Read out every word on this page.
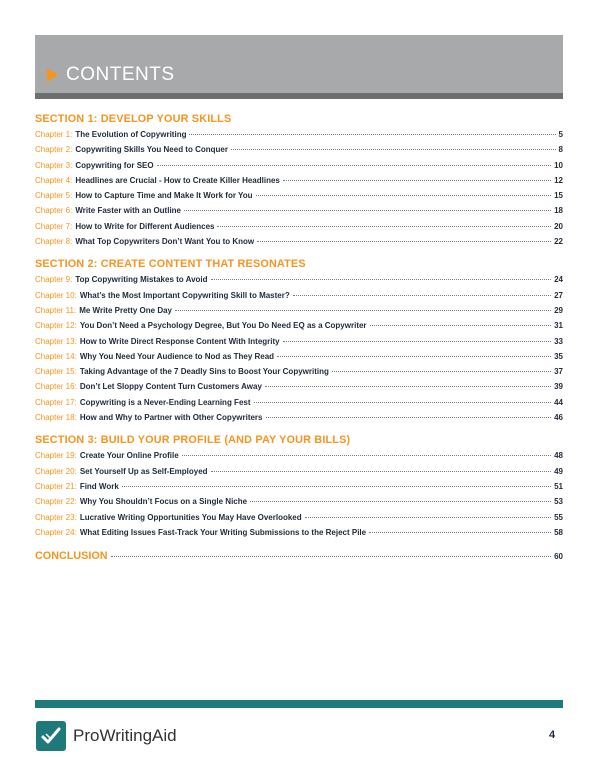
CONTENTS
SECTION 1: DEVELOP YOUR SKILLS
Chapter 1: The Evolution of Copywriting	5
Chapter 2: Copywriting Skills You Need to Conquer	8
Chapter 3: Copywriting for SEO	10
Chapter 4: Headlines are Crucial - How to Create Killer Headlines	12
Chapter 5: How to Capture Time and Make It Work for You	15
Chapter 6: Write Faster with an Outline	18
Chapter 7: How to Write for Different Audiences	20
Chapter 8: What Top Copywriters Don’t Want You to Know	22
SECTION 2: CREATE CONTENT THAT RESONATES
Chapter 9: Top Copywriting Mistakes to Avoid	24
Chapter 10: What’s the Most Important Copywriting Skill to Master?	27
Chapter 11: Me Write Pretty One Day	29
Chapter 12: You Don’t Need a Psychology Degree, But You Do Need EQ as a Copywriter	31
Chapter 13: How to Write Direct Response Content With Integrity	33
Chapter 14: Why You Need Your Audience to Nod as They Read	35
Chapter 15: Taking Advantage of the 7 Deadly Sins to Boost Your Copywriting	37
Chapter 16: Don’t Let Sloppy Content Turn Customers Away	39
Chapter 17: Copywriting is a Never-Ending Learning Fest	44
Chapter 18: How and Why to Partner with Other Copywriters	46
SECTION 3: BUILD YOUR PROFILE (AND PAY YOUR BILLS)
Chapter 19: Create Your Online Profile	48
Chapter 20: Set Yourself Up as Self-Employed	49
Chapter 21: Find Work	51
Chapter 22: Why You Shouldn’t Focus on a Single Niche	53
Chapter 23: Lucrative Writing Opportunities You May Have Overlooked	55
Chapter 24: What Editing Issues Fast-Track Your Writing Submissions to the Reject Pile	58
CONCLUSION	60
ProWritingAid	4
